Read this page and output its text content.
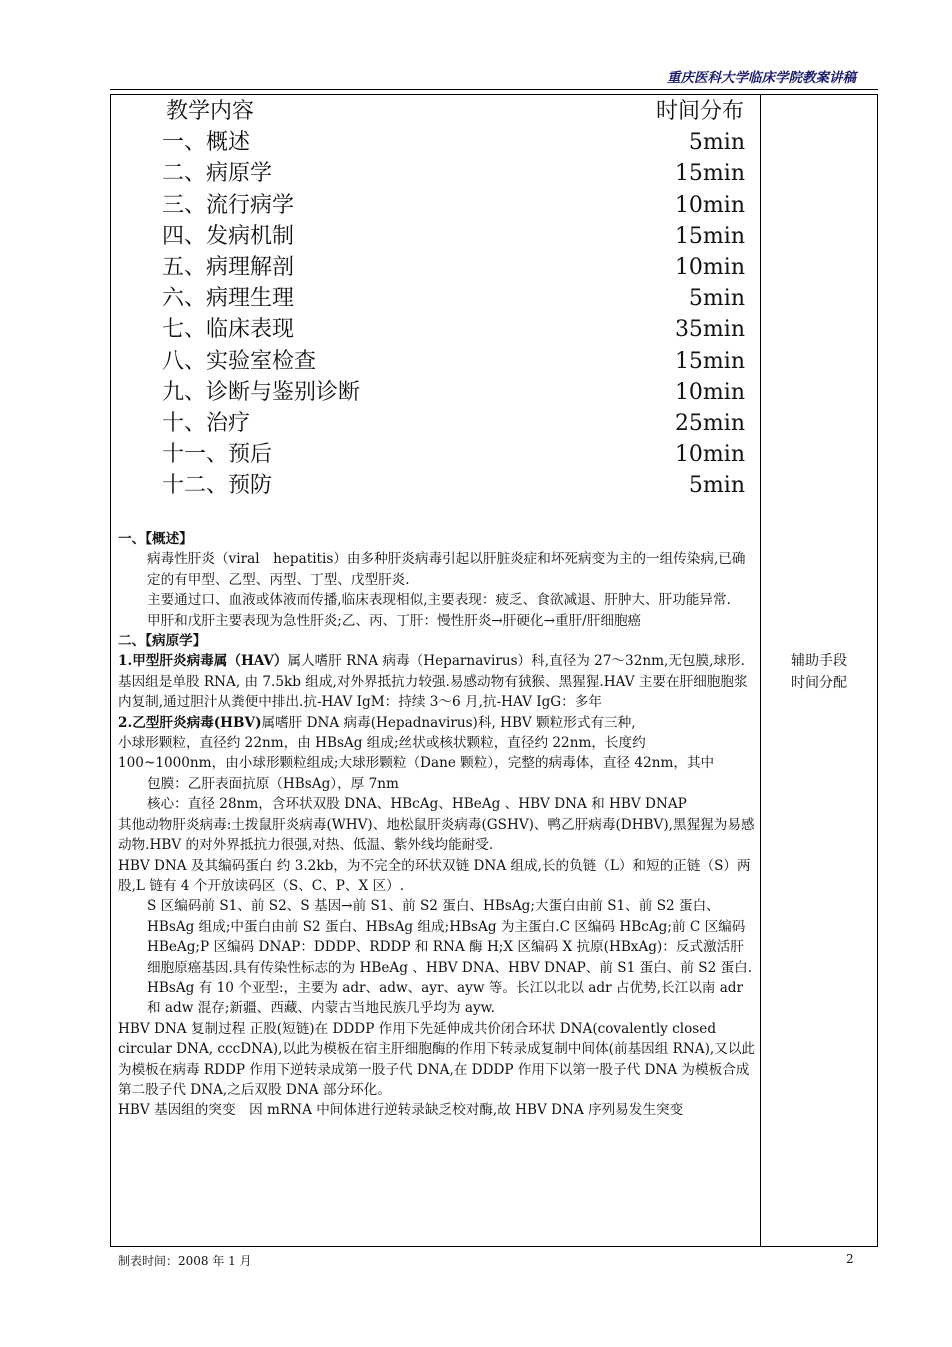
重庆医科大学临床学院教案讲稿
教学内容	时间分布
一、概述	5min
二、病原学	15min
三、流行病学	10min
四、发病机制	15min
五、病理解剖	10min
六、病理生理	5min
七、临床表现	35min
八、实验室检查	15min
九、诊断与鉴别诊断	10min
十、治疗	25min
十一、预后	10min
十二、预防	5min

一、【概述】

病毒性肝炎（viral　hepatitis）由多种肝炎病毒引起以肝脏炎症和坏死病变为主的一组传染病,已确定的有甲型、乙型、丙型、丁型、戊型肝炎.

主要通过口、血液或体液而传播,临床表现相似,主要表现：疲乏、食欲减退、肝肿大、肝功能异常.

甲肝和戊肝主要表现为急性肝炎;乙、丙、丁肝：慢性肝炎→肝硬化→重肝/肝细胞癌

二、【病原学】

1.甲型肝炎病毒属（HAV）属人嗜肝 RNA 病毒（Heparnavirus）科,直径为 27～32nm,无包膜,球形.基因组是单股 RNA, 由 7.5kb 组成,对外界抵抗力较强.易感动物有狨猴、黑猩猩.HAV 主要在肝细胞胞浆内复制,通过胆汁从粪便中排出.抗-HAV IgM：持续 3～6 月,抗-HAV IgG：多年

2.乙型肝炎病毒(HBV)属嗜肝 DNA 病毒(Hepadnavirus)科, HBV 颗粒形式有三种,

小球形颗粒，直径约 22nm，由 HBsAg 组成;丝状或核状颗粒，直径约 22nm，长度约 100~1000nm，由小球形颗粒组成;大球形颗粒（Dane 颗粒），完整的病毒体，直径 42nm，其中

包膜：乙肝表面抗原（HBsAg），厚 7nm

核心：直径 28nm，含环状双股 DNA、HBcAg、HBeAg 、HBV DNA 和 HBV DNAP

其他动物肝炎病毒:土拨鼠肝炎病毒(WHV)、地松鼠肝炎病毒(GSHV)、鸭乙肝病毒(DHBV),黑猩猩为易感动物.HBV 的对外界抵抗力很强,对热、低温、紫外线均能耐受.

HBV DNA 及其编码蛋白 约 3.2kb，为不完全的环状双链 DNA 组成,长的负链（L）和短的正链（S）两股,L 链有 4 个开放读码区（S、C、P、X 区）.

S 区编码前 S1、前 S2、S 基因→前 S1、前 S2 蛋白、HBsAg;大蛋白由前 S1、前 S2 蛋白、HBsAg 组成;中蛋白由前 S2 蛋白、HBsAg 组成;HBsAg 为主蛋白.C 区编码 HBcAg;前 C 区编码 HBeAg;P 区编码 DNAP：DDDP、RDDP 和 RNA 酶 H;X 区编码 X 抗原(HBxAg)：反式激活肝细胞原癌基因.具有传染性标志的为 HBeAg 、HBV DNA、HBV DNAP、前 S1 蛋白、前 S2 蛋白.

HBsAg 有 10 个亚型:，主要为 adr、adw、ayr、ayw 等。长江以北以 adr 占优势,长江以南 adr 和 adw 混存;新疆、西藏、内蒙古当地民族几乎均为 ayw.

HBV DNA 复制过程 正股(短链)在 DDDP 作用下先延伸成共价闭合环状 DNA(covalently closed circular DNA, cccDNA),以此为模板在宿主肝细胞酶的作用下转录成复制中间体(前基因组 RNA),又以此为模板在病毒 RDDP 作用下逆转录成第一股子代 DNA,在 DDDP 作用下以第一股子代 DNA 为模板合成第二股子代 DNA,之后双股 DNA 部分环化。

HBV 基因组的突变　因 mRNA 中间体进行逆转录缺乏校对酶,故 HBV DNA 序列易发生突变

辅助手段
时间分配
制表时间：2008 年 1 月	2
